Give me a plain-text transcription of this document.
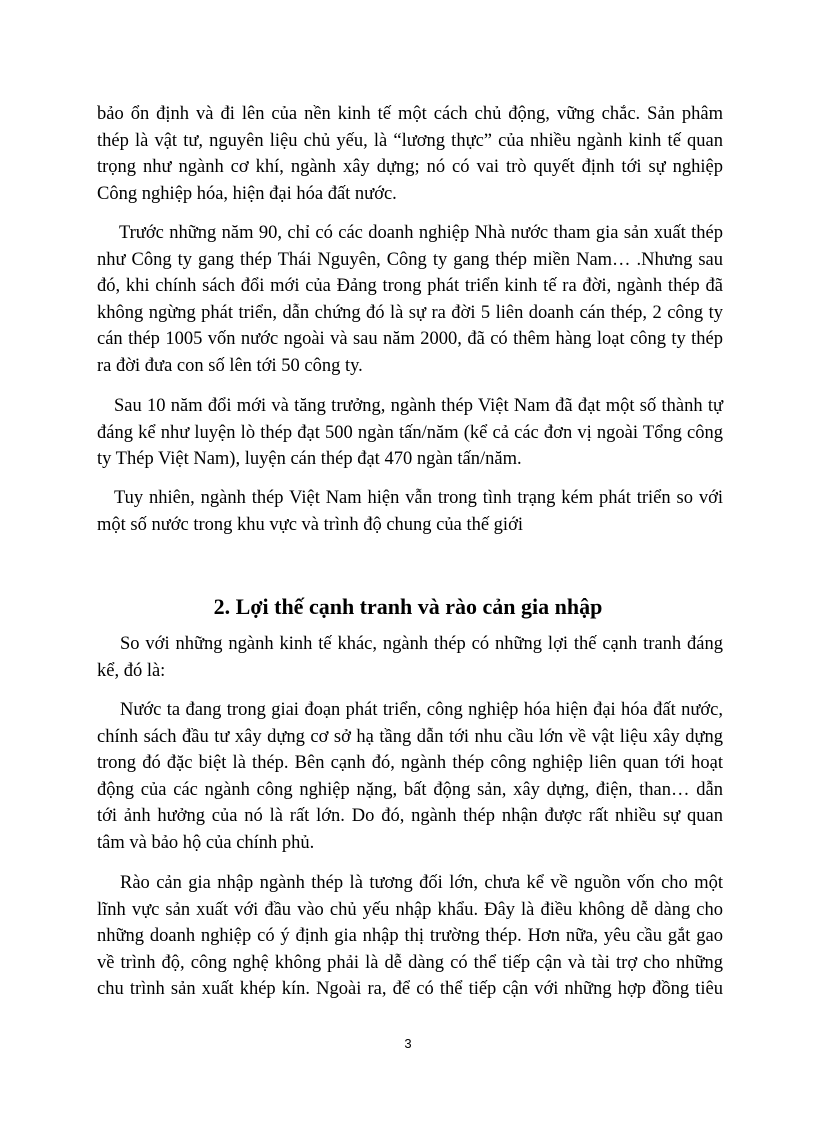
bảo ổn định và đi lên của nền kinh tế một cách chủ động, vững chắc. Sản phâm
thép là vật tư, nguyên liệu chủ yếu, là “lương thực” của nhiều ngành kinh tế quan
trọng như ngành cơ khí, ngành xây dựng; nó có vai trò quyết định tới sự nghiệp
Công nghiệp hóa, hiện đại hóa đất nước.

Trước những năm 90, chỉ có các doanh nghiệp Nhà nước tham gia sản xuất thép
như Công ty gang thép Thái Nguyên, Công ty gang thép miền Nam… .Nhưng sau
đó, khi chính sách đổi mới của Đảng trong phát triển kinh tế ra đời, ngành thép đã
không ngừng phát triển, dẫn chứng đó là sự ra đời 5 liên doanh cán thép, 2 công ty
cán thép 1005 vốn nước ngoài và sau năm 2000, đã có thêm hàng loạt công ty thép
ra đời đưa con số lên tới 50 công ty.

Sau 10 năm đổi mới và tăng trưởng, ngành thép Việt Nam đã đạt một số thành tự
đáng kể như luyện lò thép đạt 500 ngàn tấn/năm (kể cả các đơn vị ngoài Tổng công
ty Thép Việt Nam), luyện cán thép đạt 470 ngàn tấn/năm.

Tuy nhiên, ngành thép Việt Nam hiện vẫn trong tình trạng kém phát triển so với
một số nước trong khu vực và trình độ chung của thế giới

2. Lợi thế cạnh tranh và rào cản gia nhập

So với những ngành kinh tế khác, ngành thép có những lợi thế cạnh tranh đáng
kể, đó là:

Nước ta đang trong giai đoạn phát triển, công nghiệp hóa hiện đại hóa đất nước,
chính sách đầu tư xây dựng cơ sở hạ tầng dẫn tới nhu cầu lớn về vật liệu xây dựng
trong đó đặc biệt là thép. Bên cạnh đó, ngành thép công nghiệp liên quan tới hoạt
động của các ngành công nghiệp nặng, bất động sản, xây dựng, điện, than… dẫn
tới ảnh hưởng của nó là rất lớn. Do đó, ngành thép nhận được rất nhiều sự quan
tâm và bảo hộ của chính phủ.

Rào cản gia nhập ngành thép là tương đối lớn, chưa kể về nguồn vốn cho một
lĩnh vực sản xuất với đầu vào chủ yếu nhập khẩu. Đây là điều không dễ dàng cho
những doanh nghiệp có ý định gia nhập thị trường thép. Hơn nữa, yêu cầu gắt gao
về trình độ, công nghệ không phải là dễ dàng có thể tiếp cận và tài trợ cho những
chu trình sản xuất khép kín. Ngoài ra, để có thể tiếp cận với những hợp đồng tiêu

3
